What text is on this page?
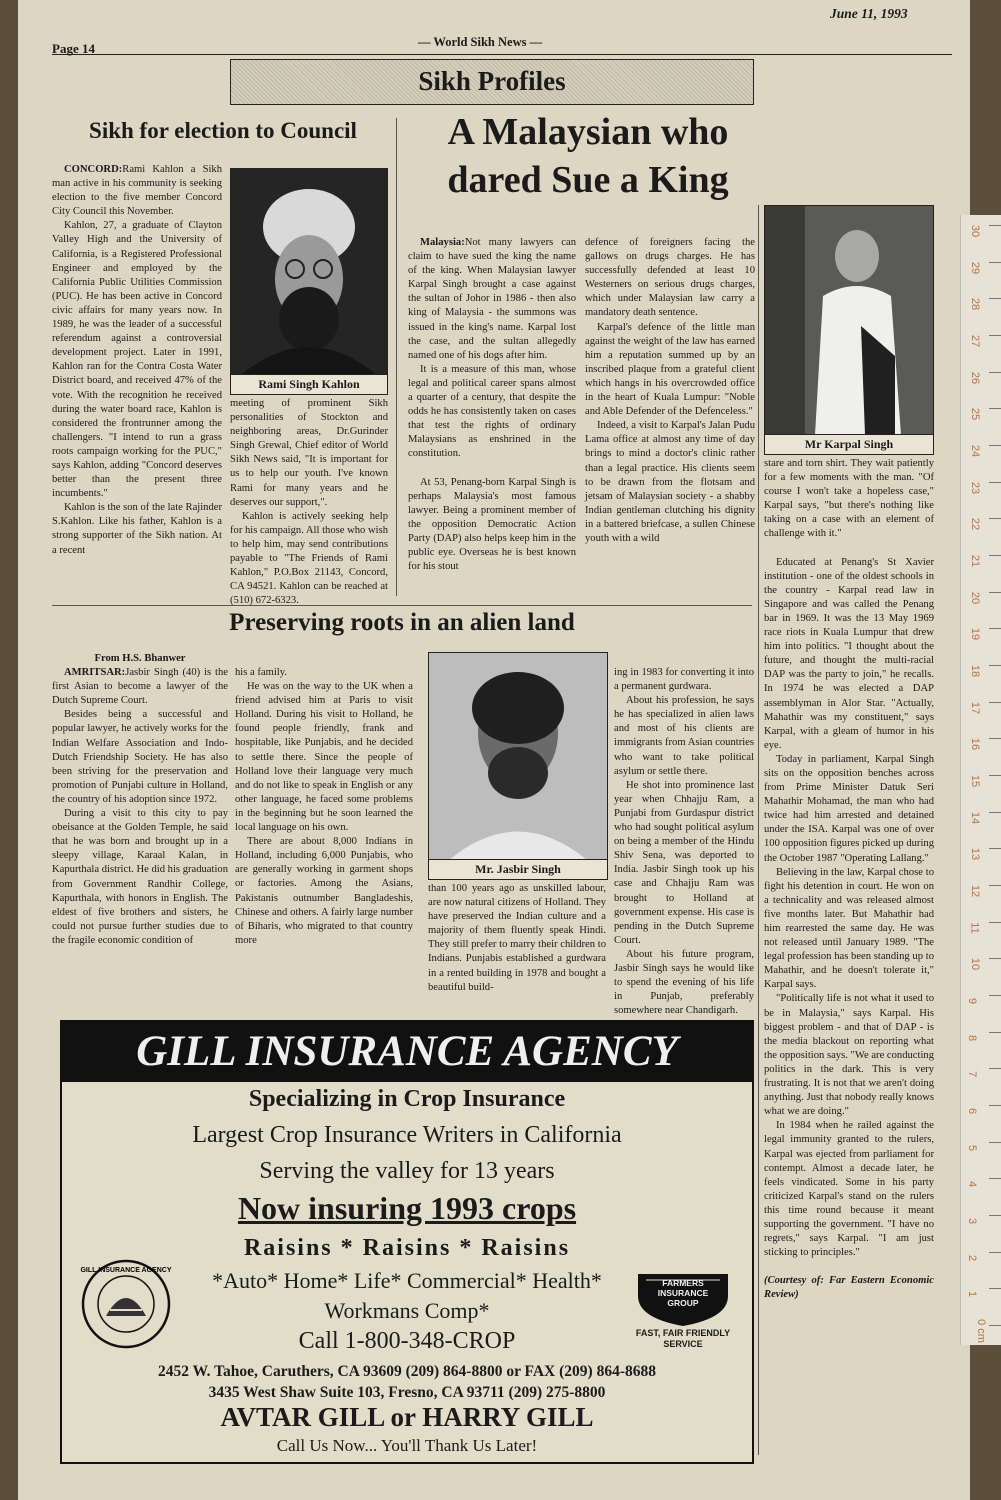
Page 14	— World Sikh News —
June 11, 1993
Sikh Profiles
Sikh for election to Council

CONCORD:Rami Kahlon a Sikh man active in his community is seeking election to the five member Concord City Council this November.

Kahlon, 27, a graduate of Clayton Valley High and the University of California, is a Registered Professional Engineer and employed by the California Public Utilities Commission (PUC). He has been active in Concord civic affairs for many years now. In 1989, he was the leader of a successful referendum against a controversial development project. Later in 1991, Kahlon ran for the Contra Costa Water District board, and received 47% of the vote. With the recognition he received during the water board race, Kahlon is considered the frontrunner among the challengers. "I intend to run a grass roots campaign working for the PUC," says Kahlon, adding "Concord deserves better than the present three incumbents."

Kahlon is the son of the late Rajinder S.Kahlon. Like his father, Kahlon is a strong supporter of the Sikh nation. At a recent

Rami Singh Kahlon

meeting of prominent Sikh personalities of Stockton and neighboring areas, Dr.Gurinder Singh Grewal, Chief editor of World Sikh News said, "It is important for us to help our youth. I've known Rami for many years and he deserves our support,".

Kahlon is actively seeking help for his campaign. All those who wish to help him, may send contributions payable to "The Friends of Rami Kahlon," P.O.Box 21143, Concord, CA 94521. Kahlon can be reached at (510) 672-6323.

A Malaysian who
dared Sue a King

Malaysia:Not many lawyers can claim to have sued the king the name of the king. When Malaysian lawyer Karpal Singh brought a case against the sultan of Johor in 1986 - then also king of Malaysia - the summons was issued in the king's name. Karpal lost the case, and the sultan allegedly named one of his dogs after him.

It is a measure of this man, whose legal and political career spans almost a quarter of a century, that despite the odds he has consistently taken on cases that test the rights of ordinary Malaysians as enshrined in the constitution.

At 53, Penang-born Karpal Singh is perhaps Malaysia's most famous lawyer. Being a prominent member of the opposition Democratic Action Party (DAP) also helps keep him in the public eye. Overseas he is best known for his stout

defence of foreigners facing the gallows on drugs charges. He has successfully defended at least 10 Westerners on serious drugs charges, which under Malaysian law carry a mandatory death sentence.

Karpal's defence of the little man against the weight of the law has earned him a reputation summed up by an inscribed plaque from a grateful client which hangs in his overcrowded office in the heart of Kuala Lumpur: "Noble and Able Defender of the Defenceless."

Indeed, a visit to Karpal's Jalan Pudu Lama office at almost any time of day brings to mind a doctor's clinic rather than a legal practice. His clients seem to be drawn from the flotsam and jetsam of Malaysian society - a shabby Indian gentleman clutching his dignity in a battered briefcase, a sullen Chinese youth with a wild

Mr Karpal Singh

stare and torn shirt. They wait patiently for a few moments with the man. "Of course I won't take a hopeless case," Karpal says, "but there's nothing like taking on a case with an element of challenge with it."

Educated at Penang's St Xavier institution - one of the oldest schools in the country - Karpal read law in Singapore and was called the Penang bar in 1969. It was the 13 May 1969 race riots in Kuala Lumpur that drew him into politics. "I thought about the future, and thought the multi-racial DAP was the party to join," he recalls. In 1974 he was elected a DAP assemblyman in Alor Star. "Actually, Mahathir was my constituent," says Karpal, with a gleam of humor in his eye.

Today in parliament, Karpal Singh sits on the opposition benches across from Prime Minister Datuk Seri Mahathir Mohamad, the man who had twice had him arrested and detained under the ISA. Karpal was one of over 100 opposition figures picked up during the October 1987 "Operating Lallang."

Believing in the law, Karpal chose to fight his detention in court. He won on a technicality and was released almost five months later. But Mahathir had him rearrested the same day. He was not released until January 1989. "The legal profession has been standing up to Mahathir, and he doesn't tolerate it," Karpal says.

"Politically life is not what it used to be in Malaysia," says Karpal. His biggest problem - and that of DAP - is the media blackout on reporting what the opposition says. "We are conducting politics in the dark. This is very frustrating. It is not that we aren't doing anything. Just that nobody really knows what we are doing."

In 1984 when he railed against the legal immunity granted to the rulers, Karpal was ejected from parliament for contempt. Almost a decade later, he feels vindicated. Some in his party criticized Karpal's stand on the rulers this time round because it meant supporting the government. "I have no regrets," says Karpal. "I am just sticking to principles."

(Courtesy of: Far Eastern Economic Review)

Preserving roots in an alien land

From H.S. Bhanwer

AMRITSAR:Jasbir Singh (40) is the first Asian to become a lawyer of the Dutch Supreme Court.

Besides being a successful and popular lawyer, he actively works for the Indian Welfare Association and Indo-Dutch Friendship Society. He has also been striving for the preservation and promotion of Punjabi culture in Holland, the country of his adoption since 1972.

During a visit to this city to pay obeisance at the Golden Temple, he said that he was born and brought up in a sleepy village, Karaal Kalan, in Kapurthala district. He did his graduation from Government Randhir College, Kapurthala, with honors in English. The eldest of five brothers and sisters, he could not pursue further studies due to the fragile economic condition of

his a family.

He was on the way to the UK when a friend advised him at Paris to visit Holland. During his visit to Holland, he found people friendly, frank and hospitable, like Punjabis, and he decided to settle there. Since the people of Holland love their language very much and do not like to speak in English or any other language, he faced some problems in the beginning but he soon learned the local language on his own.

There are about 8,000 Indians in Holland, including 6,000 Punjabis, who are generally working in garment shops or factories. Among the Asians, Pakistanis outnumber Bangladeshis, Chinese and others. A fairly large number of Biharis, who migrated to that country more

Mr. Jasbir Singh

than 100 years ago as unskilled labour, are now natural citizens of Holland. They have preserved the Indian culture and a majority of them fluently speak Hindi. They still prefer to marry their children to Indians. Punjabis established a gurdwara in a rented building in 1978 and bought a beautiful build-

ing in 1983 for converting it into a permanent gurdwara.

About his profession, he says he has specialized in alien laws and most of his clients are immigrants from Asian countries who want to take political asylum or settle there.

He shot into prominence last year when Chhajju Ram, a Punjabi from Gurdaspur district who had sought political asylum on being a member of the Hindu Shiv Sena, was deported to India. Jasbir Singh took up his case and Chhajju Ram was brought to Holland at government expense. His case is pending in the Dutch Supreme Court.

About his future program, Jasbir Singh says he would like to spend the evening of his life in Punjab, preferably somewhere near Chandigarh.

GILL INSURANCE AGENCY
Specializing in Crop Insurance
Largest Crop Insurance Writers in California
Serving the valley for 13 years
Now insuring 1993 crops
Raisins * Raisins * Raisins
*Auto* Home* Life* Commercial* Health*
Workmans Comp*
Call 1-800-348-CROP
2452 W. Tahoe, Caruthers, CA 93609 (209) 864-8800 or FAX (209) 864-8688
3435 West Shaw Suite 103, Fresno, CA 93711 (209) 275-8800
AVTAR GILL or HARRY GILL
Call Us Now... You'll Thank Us Later!
GILL INSURANCE AGENCY
FARMERS INSURANCE GROUP
FAST, FAIR FRIENDLY SERVICE
30
29
28
27
26
25
24
23
22
21
20
19
18
17
16
15
14
13
12
11
10
9
8
7
6
5
4
3
2
1
0 cm
